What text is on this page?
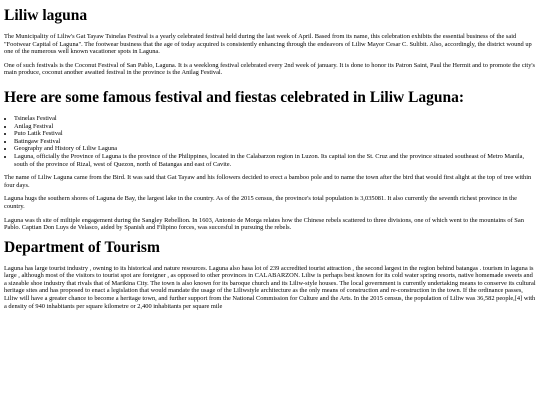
Liliw laguna

The Municipality of Liliw's Gat Tayaw Tsinelas Festival is a yearly celebrated festival held during the last week of April. Based from its name, this celebration exhibits the essential business of the said "Footwear Capital of Laguna". The footwear business that the age of today acquired is consistently enhancing through the endeavors of Liliw Mayor Cesar C. Sulibit. Also, accordingly, the district wound up one of the numerous well known vacationer spots in Laguna.

One of such festivals is the Coconut Festival of San Pablo, Laguna. It is a weeklong festival celebrated every 2nd week of january. It is done to honor its Patron Saint, Paul the Hermit and to promote the city's main produce, coconut another awaited festival in the province is the Anilag Festival.

Here are some famous festival and fiestas celebrated in Liliw Laguna:
• Tsinelas Festival
• Anilag Festival
• Puto Latik Festival
• Batingaw Festival
• Geography and History of Liliw Laguna
• Laguna, officially the Province of Laguna is the province of the Philippines, located in the Calabarzon region in Luzon. Its capital ion the St. Cruz and the province situated southeast of Metro Manila, south of the province of Rizal, west of Quezon, north of Batangas and east of Cavite.

The name of Liliw Laguna came from the Bird. It was said that Gat Tayaw and his followers decided to erect a bamboo pole and to name the town after the bird that would first alight at the top of tree within four days.

Laguna hugs the southern shores of Laguna de Bay, the largest lake in the country. As of the 2015 census, the province's total population is 3,035081. It also currently the seventh richest province in the country.

Laguna was th site of miltiple engagement during the Sangley Rebellion. In 1603, Antonio de Morga relates how the Chinese rebels scattered to three divisions, one of which went to the mountains of San Pablo. Captian Don Luys de Velasco, aided by Spanish and Filipino forces, was succesful in pursuing the rebels.

Department of Tourism

Laguna has large tourist industry , owning to its historical and nature resources. Laguna also hasa lot of 239 accredited tourist attraction , the second largest in the region behind batangas . tourism in laguna is large , although most of the visitors to tourist spot are foreigner , as opposed to other provinces in CALABARZON. Liliw is perhaps best known for its cold water spring resorts, native homemade sweets and a sizeable shoe industry that rivals that of Marikina City. The town is also known for its baroque church and its Liliw-style houses. The local government is currently undertaking means to conserve its cultural heritage sites and has proposed to enact a legislation that would mandate the usage of the Liliwstyle architecture as the only means of construction and re-construction in the town. If the ordinance passes, Liliw will have a greater chance to become a heritage town, and further support from the National Commission for Culture and the Arts. In the 2015 census, the population of Liliw was 36,582 people,[4] with a density of 940 inhabitants per square kilometre or 2,400 inhabitants per square mile
